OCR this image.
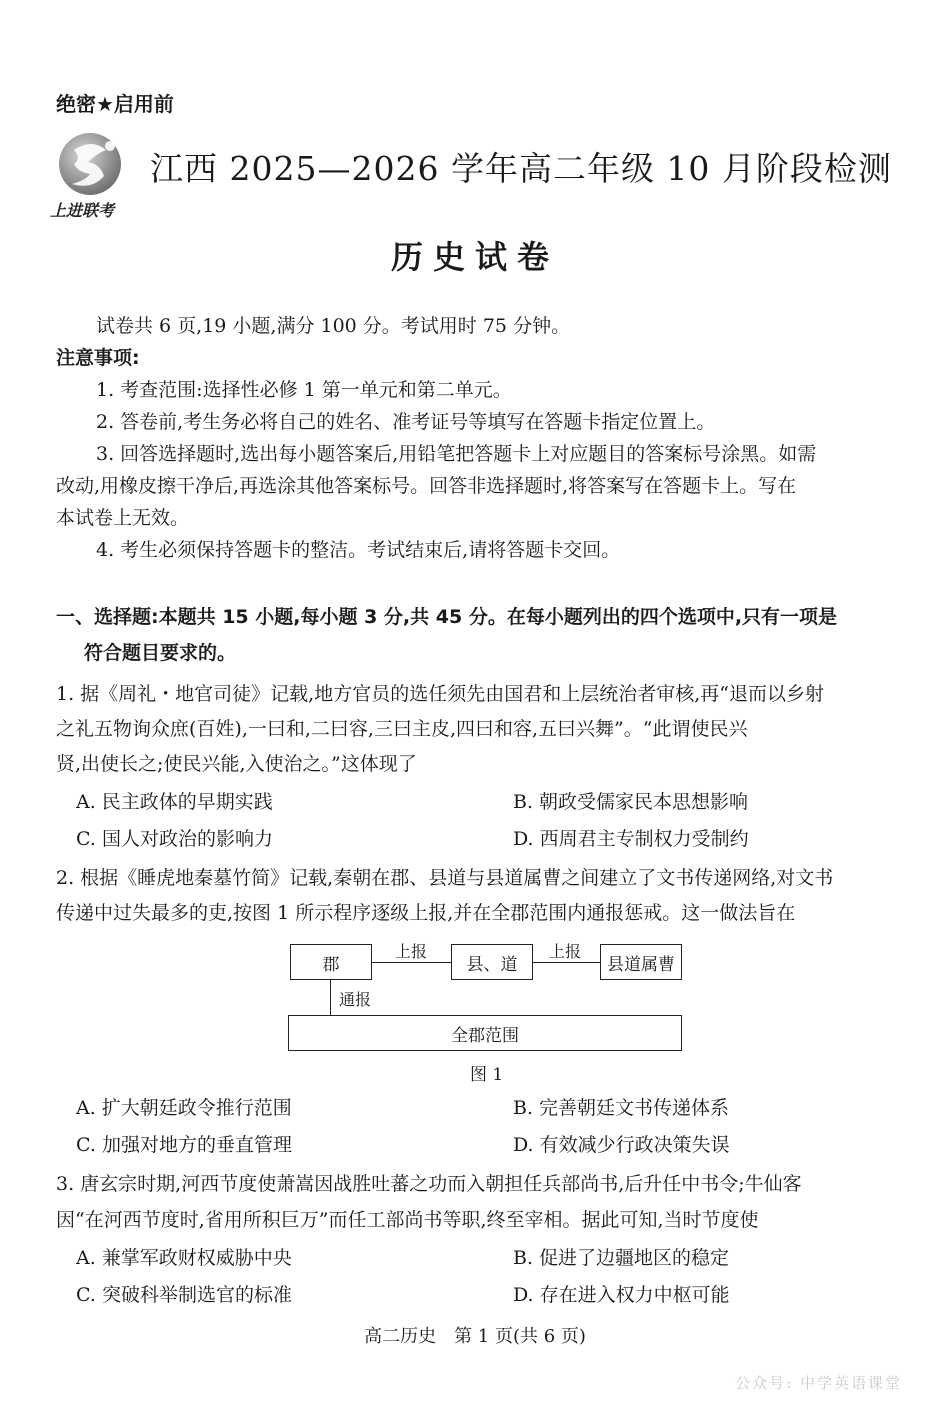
绝密★启用前
上进联考
江西 2025—2026 学年高二年级 10 月阶段检测
历史试卷
试卷共 6 页,19 小题,满分 100 分。考试用时 75 分钟。
注意事项:
1. 考查范围:选择性必修 1 第一单元和第二单元。
2. 答卷前,考生务必将自己的姓名、准考证号等填写在答题卡指定位置上。
3. 回答选择题时,选出每小题答案后,用铅笔把答题卡上对应题目的答案标号涂黑。如需
改动,用橡皮擦干净后,再选涂其他答案标号。回答非选择题时,将答案写在答题卡上。写在
本试卷上无效。
4. 考生必须保持答题卡的整洁。考试结束后,请将答题卡交回。
一、选择题:本题共 15 小题,每小题 3 分,共 45 分。在每小题列出的四个选项中,只有一项是
符合题目要求的。
1. 据《周礼・地官司徒》记载,地方官员的选任须先由国君和上层统治者审核,再“退而以乡射
之礼五物询众庶(百姓),一曰和,二曰容,三曰主皮,四曰和容,五曰兴舞”。“此谓使民兴
贤,出使长之;使民兴能,入使治之。”这体现了
A. 民主政体的早期实践	B. 朝政受儒家民本思想影响
C. 国人对政治的影响力	D. 西周君主专制权力受制约
2. 根据《睡虎地秦墓竹简》记载,秦朝在郡、县道与县道属曹之间建立了文书传递网络,对文书
传递中过失最多的吏,按图 1 所示程序逐级上报,并在全郡范围内通报惩戒。这一做法旨在
郡	县、道	县道属曹
上报	上报
通报
全郡范围
图 1
A. 扩大朝廷政令推行范围	B. 完善朝廷文书传递体系
C. 加强对地方的垂直管理	D. 有效减少行政决策失误
3. 唐玄宗时期,河西节度使萧嵩因战胜吐蕃之功而入朝担任兵部尚书,后升任中书令;牛仙客
因“在河西节度时,省用所积巨万”而任工部尚书等职,终至宰相。据此可知,当时节度使
A. 兼掌军政财权威胁中央	B. 促进了边疆地区的稳定
C. 突破科举制选官的标准	D. 存在进入权力中枢可能
高二历史　第 1 页(共 6 页)
公众号: 中学英语课堂
